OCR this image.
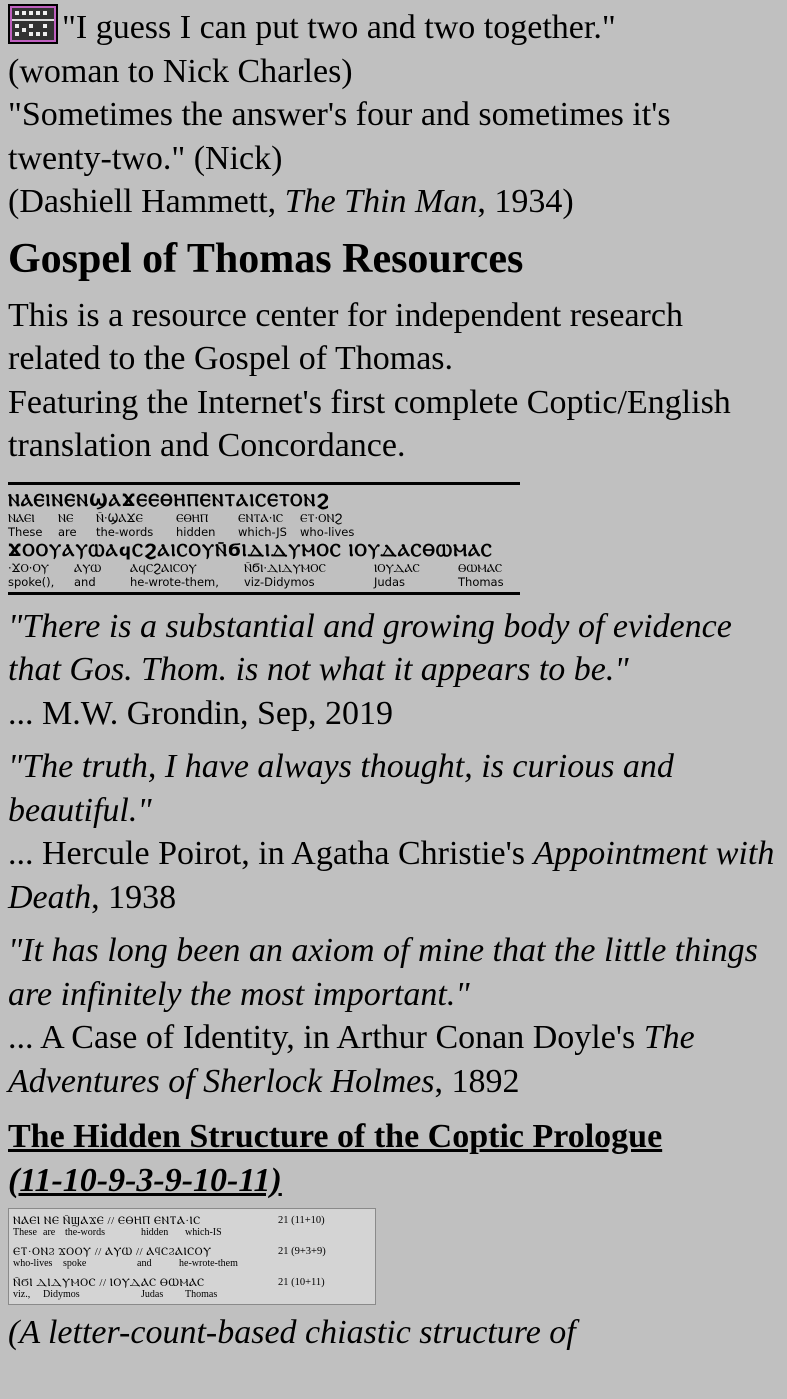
"I guess I can put two and two together."
(woman to Nick Charles)
"Sometimes the answer's four and sometimes it's twenty-two." (Nick)
(Dashiell Hammett, The Thin Man, 1934)
Gospel of Thomas Resources

This is a resource center for independent research related to the Gospel of Thomas.
Featuring the Internet's first complete Coptic/English translation and Concordance.

ⲚⲀⲈⲒⲚⲈⲚϢⲀϪⲈⲈⲐⲎⲠⲈⲚⲦⲀⲒⲤⲈⲦⲞⲚϨ
ⲚⲀⲈⲒ	ⲚⲈ	Ⲛ̄·ϢⲀϪⲈ	ⲈⲐⲎⲠ	ⲈⲚⲦⲀ·ⲒⲤ	ⲈⲦ·ⲞⲚϨ
These	are	the-words	hidden	which-JS	who-lives
ϪⲞⲞⲨⲀⲨⲰⲀϥⲤϨⲀⲒⲤⲞⲨⲚ̄ϬⲒⲆⲒⲆⲨⲘⲞⲤ ⲒⲞⲨⲆⲀⲤⲐⲰⲘⲀⲤ
·ϪⲞ·ⲞⲨ	ⲀⲨⲰ	ⲀϥⲤϨⲀⲒⲤⲞⲨ	Ⲛ̄ϬⲒ·ⲆⲒⲆⲨⲘⲞⲤ	ⲒⲞⲨⲆⲀⲤ	ⲐⲰⲘⲀⲤ
spoke(),	and	he-wrote-them,	viz-Didymos	Judas	Thomas
"There is a substantial and growing body of evidence that Gos. Thom. is not what it appears to be."
... M.W. Grondin, Sep, 2019
"The truth, I have always thought, is curious and beautiful."
... Hercule Poirot, in Agatha Christie's Appointment with Death, 1938
"It has long been an axiom of mine that the little things are infinitely the most important."
... A Case of Identity, in Arthur Conan Doyle's The Adventures of Sherlock Holmes, 1892
The Hidden Structure of the Coptic Prologue
(11-10-9-3-9-10-11)
ⲚⲀⲈⲒ ⲚⲈ Ⲛ̄ϢⲀϪⲈ // ⲈⲐⲎⲠ ⲈⲚⲦⲀ·ⲒⲤ	21 (11+10)
These are the-words	hidden	which-IS
ⲈⲦ·ⲞⲚϨ ϪⲞⲞⲨ // ⲀⲨⲰ // ⲀϥⲤϨⲀⲒⲤⲞⲨ	21 (9+3+9)
who-lives	spoke	and	he-wrote-them
Ⲛ̄ϬⲒ ⲆⲒⲆⲨⲘⲞⲤ // ⲒⲞⲨⲆⲀⲤ ⲐⲰⲘⲀⲤ	21 (10+11)
viz.,	Didymos	Judas	Thomas
(A letter-count-based chiastic structure of
